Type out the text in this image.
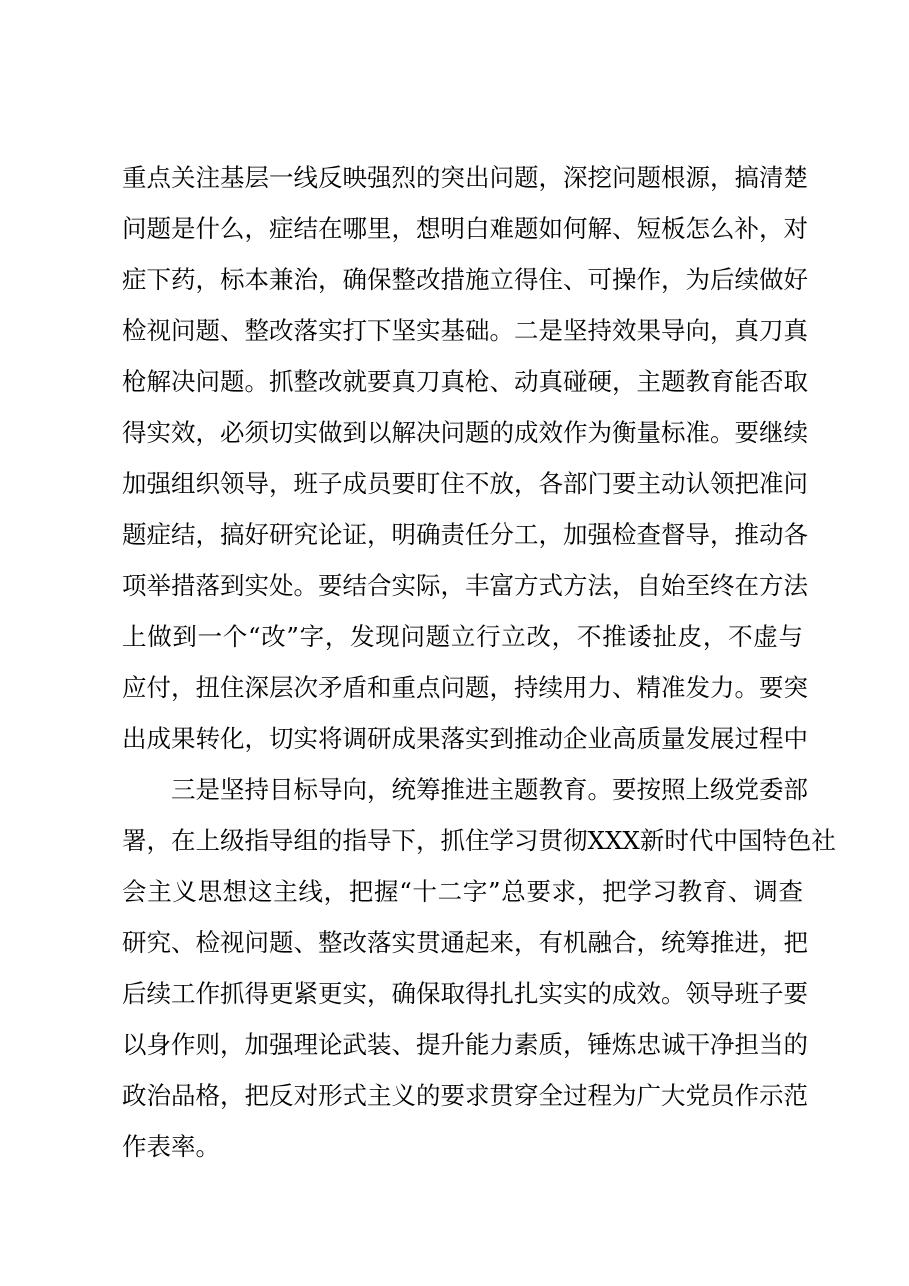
重点关注基层一线反映强烈的突出问题，深挖问题根源，搞清楚
问题是什么，症结在哪里，想明白难题如何解、短板怎么补，对
症下药，标本兼治，确保整改措施立得住、可操作，为后续做好
检视问题、整改落实打下坚实基础。二是坚持效果导向，真刀真
枪解决问题。抓整改就要真刀真枪、动真碰硬，主题教育能否取
得实效，必须切实做到以解决问题的成效作为衡量标准。要继续
加强组织领导，班子成员要盯住不放，各部门要主动认领把准问
题症结，搞好研究论证，明确责任分工，加强检查督导，推动各
项举措落到实处。要结合实际，丰富方式方法，自始至终在方法
上做到一个“改”字，发现问题立行立改，不推诿扯皮，不虚与
应付，扭住深层次矛盾和重点问题，持续用力、精准发力。要突
出成果转化，切实将调研成果落实到推动企业高质量发展过程中
三是坚持目标导向，统筹推进主题教育。要按照上级党委部
署，在上级指导组的指导下，抓住学习贯彻XXX新时代中国特色社
会主义思想这主线，把握“十二字”总要求，把学习教育、调查
研究、检视问题、整改落实贯通起来，有机融合，统筹推进，把
后续工作抓得更紧更实，确保取得扎扎实实的成效。领导班子要
以身作则，加强理论武装、提升能力素质，锤炼忠诚干净担当的
政治品格，把反对形式主义的要求贯穿全过程为广大党员作示范
作表率。
